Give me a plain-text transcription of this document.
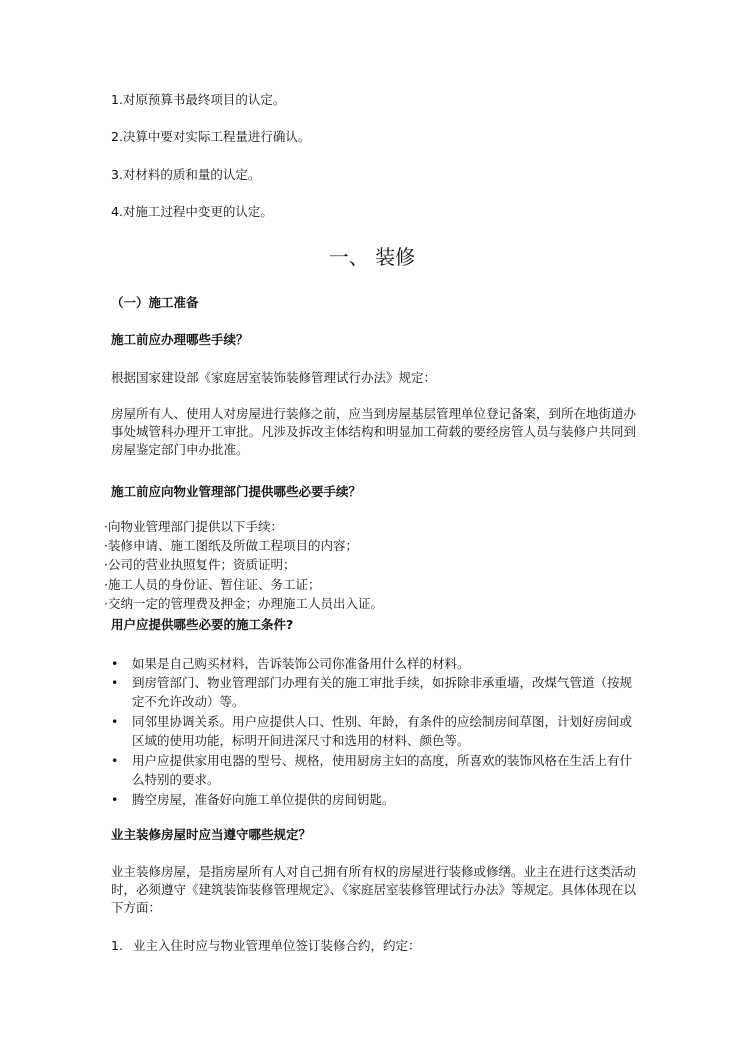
1.对原预算书最终项目的认定。

2.决算中要对实际工程量进行确认。

3.对材料的质和量的认定。

4.对施工过程中变更的认定。

一、 装修

（一）施工准备

施工前应办理哪些手续？

根据国家建设部《家庭居室装饰装修管理试行办法》规定：

房屋所有人、使用人对房屋进行装修之前，应当到房屋基层管理单位登记备案，到所在地街道办事处城管科办理开工审批。凡涉及拆改主体结构和明显加工荷载的要经房管人员与装修户共同到房屋鉴定部门申办批准。

施工前应向物业管理部门提供哪些必要手续？

·向物业管理部门提供以下手续：

·装修申请、施工图纸及所做工程项目的内容；

·公司的营业执照复件；资质证明；

·施工人员的身份证、暂住证、务工证；

·交纳一定的管理费及押金；办理施工人员出入证。

用户应提供哪些必要的施工条件?

•	如果是自己购买材料，告诉装饰公司你准备用什么样的材料。
•	到房管部门、物业管理部门办理有关的施工审批手续，如拆除非承重墙，改煤气管道（按规定不允许改动）等。
•	同邻里协调关系。用户应提供人口、性别、年龄，有条件的应绘制房间草图，计划好房间或区域的使用功能，标明开间进深尺寸和选用的材料、颜色等。
•	用户应提供家用电器的型号、规格，使用厨房主妇的高度，所喜欢的装饰风格在生活上有什么特别的要求。
•	腾空房屋，准备好向施工单位提供的房间钥匙。

业主装修房屋时应当遵守哪些规定？

业主装修房屋，是指房屋所有人对自己拥有所有权的房屋进行装修或修缮。业主在进行这类活动时，必须遵守《建筑装饰装修管理规定》、《家庭居室装修管理试行办法》等规定。具体体现在以下方面：

1. 业主入住时应与物业管理单位签订装修合约，约定：
